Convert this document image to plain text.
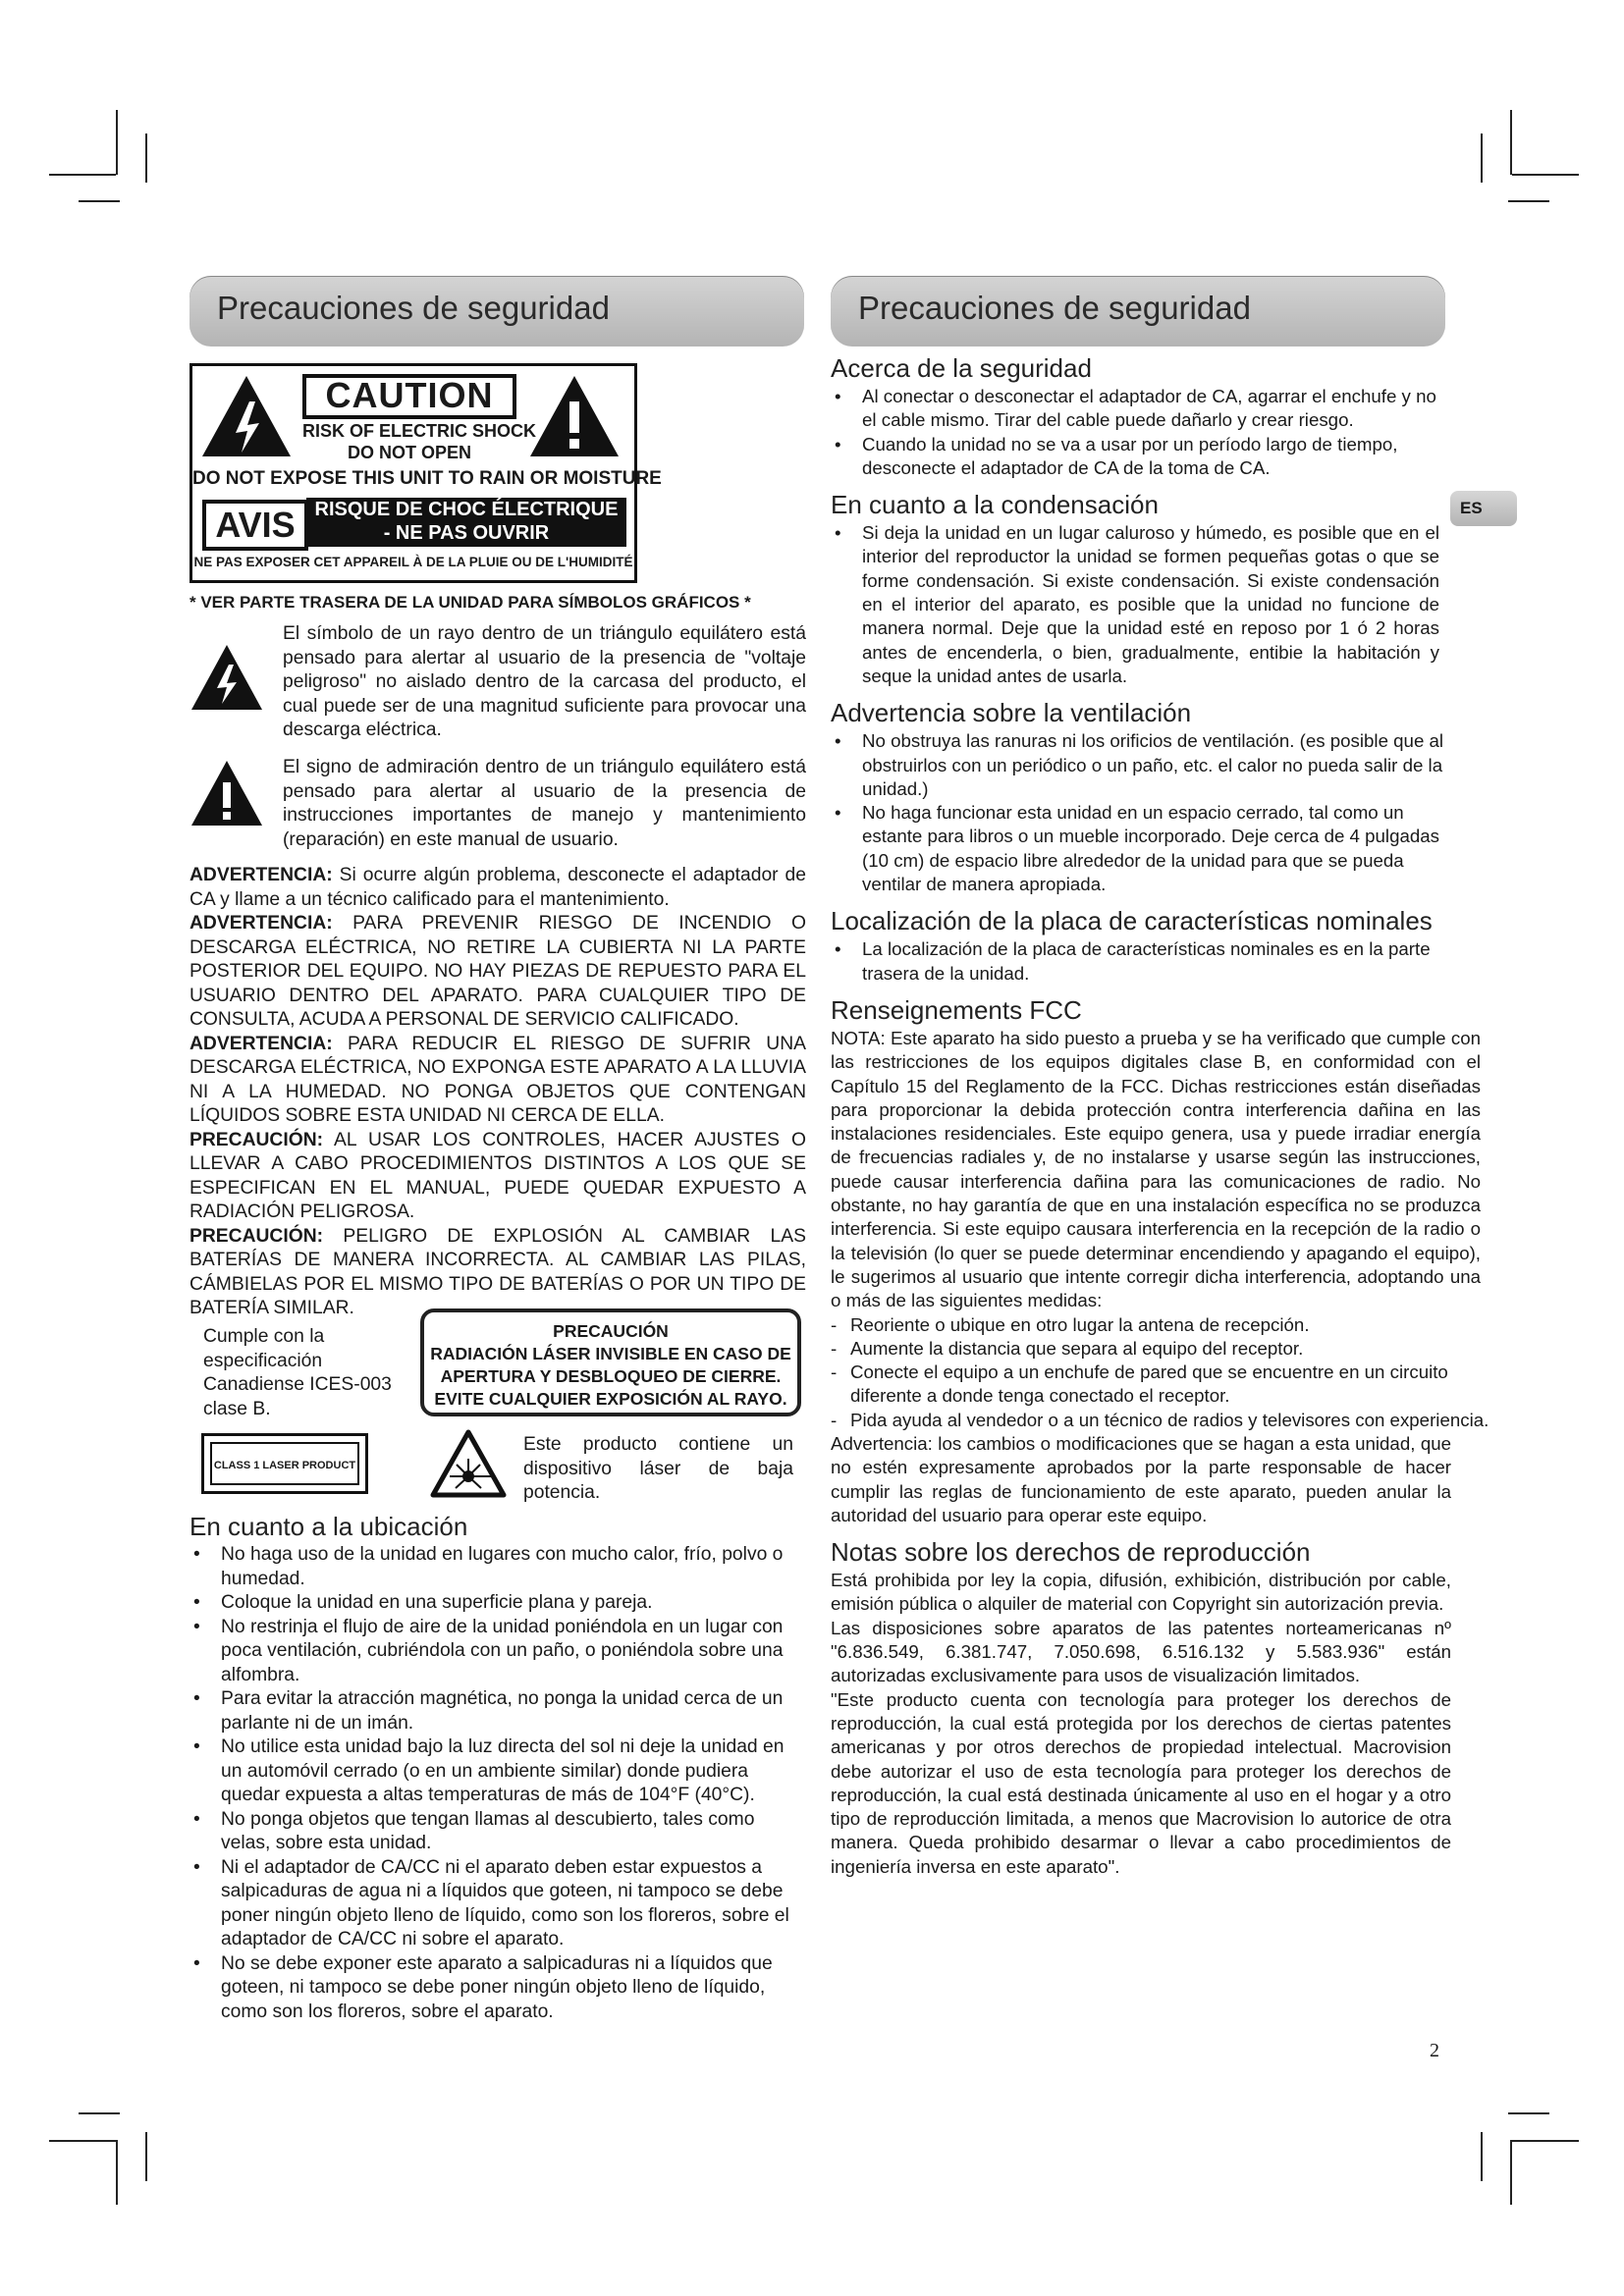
Precauciones de seguridad	Precauciones de seguridad
ES
CAUTION
RISK OF ELECTRIC SHOCK
DO NOT OPEN
DO NOT EXPOSE THIS UNIT TO RAIN OR MOISTURE
AVIS RISQUE DE CHOC ÉLECTRIQUE
- NE PAS OUVRIR
NE PAS EXPOSER CET APPAREIL À DE LA PLUIE OU DE L'HUMIDITÉ
* VER PARTE TRASERA DE LA UNIDAD PARA SÍMBOLOS GRÁFICOS *
El símbolo de un rayo dentro de un triángulo equilátero está pensado para alertar al usuario de la presencia de "voltaje peligroso" no aislado dentro de la carcasa del producto, el cual puede ser de una magnitud suficiente para provocar una descarga eléctrica.
El signo de admiración dentro de un triángulo equilátero está pensado para alertar al usuario de la presencia de instrucciones importantes de manejo y mantenimiento (reparación) en este manual de usuario.

ADVERTENCIA: Si ocurre algún problema, desconecte el adaptador de CA y llame a un técnico calificado para el mantenimiento.

ADVERTENCIA: PARA PREVENIR RIESGO DE INCENDIO O DESCARGA ELÉCTRICA, NO RETIRE LA CUBIERTA NI LA PARTE POSTERIOR DEL EQUIPO. NO HAY PIEZAS DE REPUESTO PARA EL USUARIO DENTRO DEL APARATO. PARA CUALQUIER TIPO DE CONSULTA, ACUDA A PERSONAL DE SERVICIO CALIFICADO.

ADVERTENCIA: PARA REDUCIR EL RIESGO DE SUFRIR UNA DESCARGA ELÉCTRICA, NO EXPONGA ESTE APARATO A LA LLUVIA NI A LA HUMEDAD. NO PONGA OBJETOS QUE CONTENGAN LÍQUIDOS SOBRE ESTA UNIDAD NI CERCA DE ELLA.

PRECAUCIÓN: AL USAR LOS CONTROLES, HACER AJUSTES O LLEVAR A CABO PROCEDIMIENTOS DISTINTOS A LOS QUE SE ESPECIFICAN EN EL MANUAL, PUEDE QUEDAR EXPUESTO A RADIACIÓN PELIGROSA.

PRECAUCIÓN: PELIGRO DE EXPLOSIÓN AL CAMBIAR LAS BATERÍAS DE MANERA INCORRECTA. AL CAMBIAR LAS PILAS, CÁMBIELAS POR EL MISMO TIPO DE BATERÍAS O POR UN TIPO DE BATERÍA SIMILAR.

Cumple con la especificación Canadiense ICES-003 clase B.
PRECAUCIÓN
RADIACIÓN LÁSER INVISIBLE EN CASO DE
APERTURA Y DESBLOQUEO DE CIERRE.
EVITE CUALQUIER EXPOSICIÓN AL RAYO.
CLASS 1 LASER PRODUCT
Este producto contiene un dispositivo láser de baja potencia.
En cuanto a la ubicación
• No haga uso de la unidad en lugares con mucho calor, frío, polvo o humedad.
• Coloque la unidad en una superficie plana y pareja.
• No restrinja el flujo de aire de la unidad poniéndola en un lugar con poca ventilación, cubriéndola con un paño, o poniéndola sobre una alfombra.
• Para evitar la atracción magnética, no ponga la unidad cerca de un parlante ni de un imán.
• No utilice esta unidad bajo la luz directa del sol ni deje la unidad en un automóvil cerrado (o en un ambiente similar) donde pudiera quedar expuesta a altas temperaturas de más de 104°F (40°C).
• No ponga objetos que tengan llamas al descubierto, tales como velas, sobre esta unidad.
• Ni el adaptador de CA/CC ni el aparato deben estar expuestos a salpicaduras de agua ni a líquidos que goteen, ni tampoco se debe poner ningún objeto lleno de líquido, como son los floreros, sobre el adaptador de CA/CC ni sobre el aparato.
• No se debe exponer este aparato a salpicaduras ni a líquidos que goteen, ni tampoco se debe poner ningún objeto lleno de líquido, como son los floreros, sobre el aparato.
Acerca de la seguridad
• Al conectar o desconectar el adaptador de CA, agarrar el enchufe y no el cable mismo. Tirar del cable puede dañarlo y crear riesgo.
• Cuando la unidad no se va a usar por un período largo de tiempo, desconecte el adaptador de CA de la toma de CA.
En cuanto a la condensación
• Si deja la unidad en un lugar caluroso y húmedo, es posible que en el interior del reproductor la unidad se formen pequeñas gotas o que se forme condensación. Si existe condensación. Si existe condensación en el interior del aparato, es posible que la unidad no funcione de manera normal. Deje que la unidad esté en reposo por 1 ó 2 horas antes de encenderla, o bien, gradualmente, entibie la habitación y seque la unidad antes de usarla.
Advertencia sobre la ventilación
• No obstruya las ranuras ni los orificios de ventilación. (es posible que al obstruirlos con un periódico o un paño, etc. el calor no pueda salir de la unidad.)
• No haga funcionar esta unidad en un espacio cerrado, tal como un estante para libros o un mueble incorporado. Deje cerca de 4 pulgadas (10 cm) de espacio libre alrededor de la unidad para que se pueda ventilar de manera apropiada.
Localización de la placa de características nominales
• La localización de la placa de características nominales es en la parte trasera de la unidad.
Renseignements FCC

NOTA: Este aparato ha sido puesto a prueba y se ha verificado que cumple con las restricciones de los equipos digitales clase B, en conformidad con el Capítulo 15 del Reglamento de la FCC. Dichas restricciones están diseñadas para proporcionar la debida protección contra interferencia dañina en las instalaciones residenciales. Este equipo genera, usa y puede irradiar energía de frecuencias radiales y, de no instalarse y usarse según las instrucciones, puede causar interferencia dañina para las comunicaciones de radio. No obstante, no hay garantía de que en una instalación específica no se produzca interferencia. Si este equipo causara interferencia en la recepción de la radio o la televisión (lo quer se puede determinar encendiendo y apagando el equipo), le sugerimos al usuario que intente corregir dicha interferencia, adoptando una o más de las siguientes medidas:

- Reoriente o ubique en otro lugar la antena de recepción.
- Aumente la distancia que separa al equipo del receptor.
- Conecte el equipo a un enchufe de pared que se encuentre en un circuito diferente a donde tenga conectado el receptor.
- Pida ayuda al vendedor o a un técnico de radios y televisores con experiencia.

Advertencia: los cambios o modificaciones que se hagan a esta unidad, que no estén expresamente aprobados por la parte responsable de hacer cumplir las reglas de funcionamiento de este aparato, pueden anular la autoridad del usuario para operar este equipo.

Notas sobre los derechos de reproducción

Está prohibida por ley la copia, difusión, exhibición, distribución por cable, emisión pública o alquiler de material con Copyright sin autorización previa.

Las disposiciones sobre aparatos de las patentes norteamericanas nº "6.836.549, 6.381.747, 7.050.698, 6.516.132 y 5.583.936" están autorizadas exclusivamente para usos de visualización limitados.

"Este producto cuenta con tecnología para proteger los derechos de reproducción, la cual está protegida por los derechos de ciertas patentes americanas y por otros derechos de propiedad intelectual. Macrovision debe autorizar el uso de esta tecnología para proteger los derechos de reproducción, la cual está destinada únicamente al uso en el hogar y a otro tipo de reproducción limitada, a menos que Macrovision lo autorice de otra manera. Queda prohibido desarmar o llevar a cabo procedimientos de ingeniería inversa en este aparato".

2
